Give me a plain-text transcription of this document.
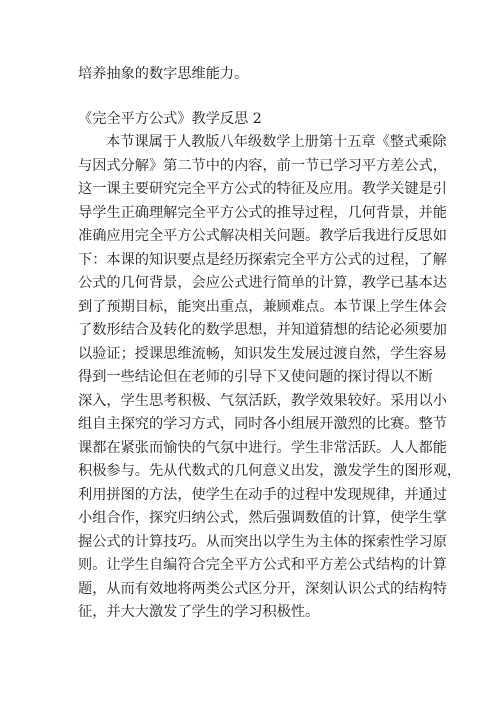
培养抽象的数字思维能力。

《完全平方公式》教学反思 2
本节课属于人教版八年级数学上册第十五章《整式乘除
与因式分解》第二节中的内容，前一节已学习平方差公式，
这一课主要研究完全平方公式的特征及应用。教学关键是引
导学生正确理解完全平方公式的推导过程，几何背景，并能
准确应用完全平方公式解决相关问题。教学后我进行反思如
下：本课的知识要点是经历探索完全平方公式的过程，了解
公式的几何背景，会应公式进行简单的计算，教学已基本达
到了预期目标，能突出重点，兼顾难点。本节课上学生体会
了数形结合及转化的数学思想，并知道猜想的结论必须要加
以验证；授课思维流畅，知识发生发展过渡自然，学生容易
得到一些结论但在老师的引导下又使问题的探讨得以不断
深入，学生思考积极、气氛活跃，教学效果较好。采用以小
组自主探究的学习方式，同时各小组展开激烈的比赛。整节
课都在紧张而愉快的气氛中进行。学生非常活跃。人人都能
积极参与。先从代数式的几何意义出发，激发学生的图形观，
利用拼图的方法，使学生在动手的过程中发现规律，并通过
小组合作，探究归纳公式，然后强调数值的计算，使学生掌
握公式的计算技巧。从而突出以学生为主体的探索性学习原
则。让学生自编符合完全平方公式和平方差公式结构的计算
题，从而有效地将两类公式区分开，深刻认识公式的结构特
征，并大大激发了学生的学习积极性。
